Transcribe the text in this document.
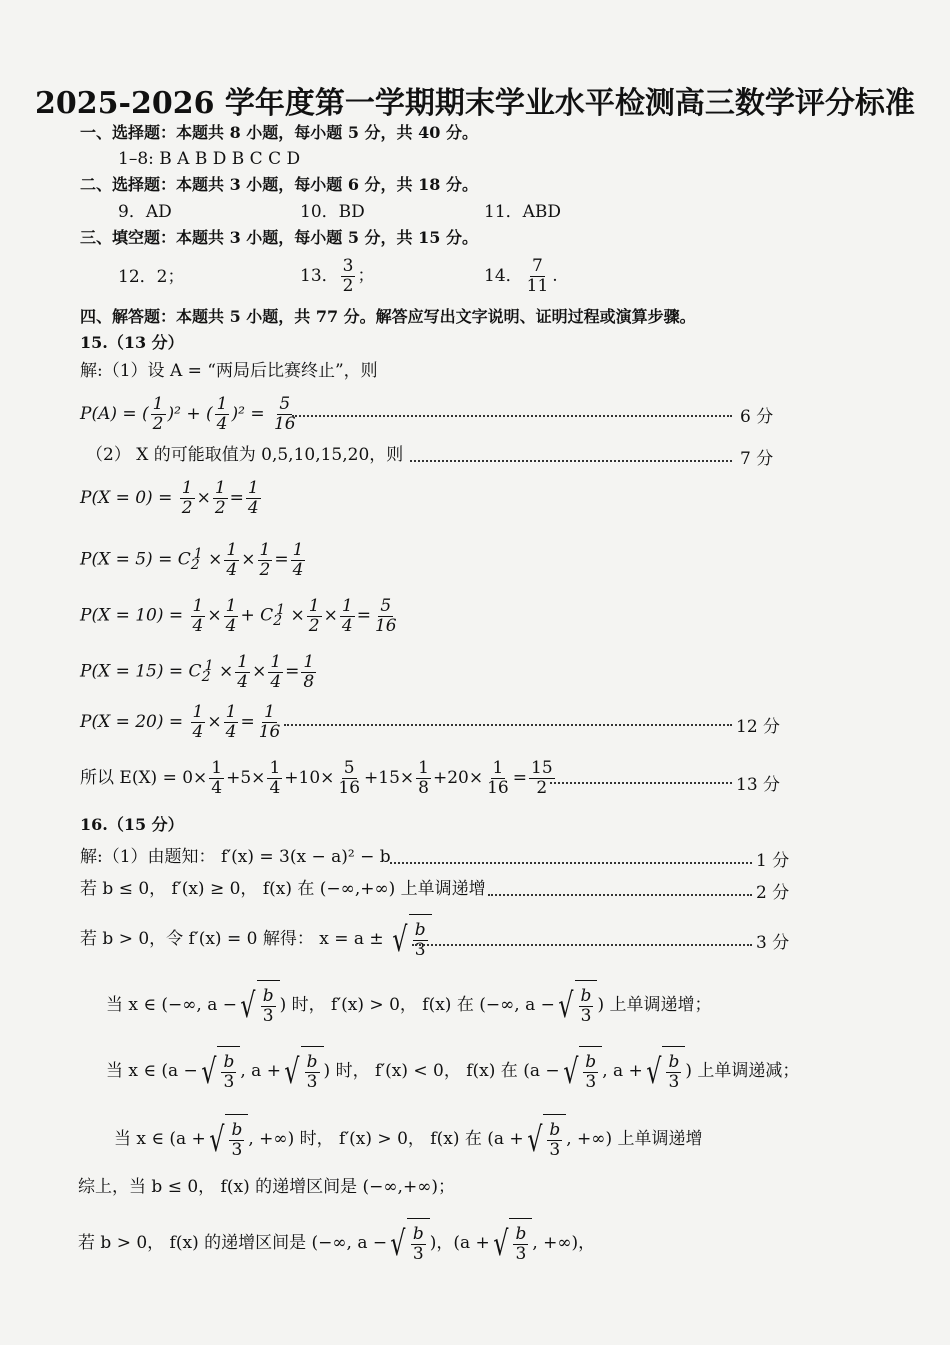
2025-2026 学年度第一学期期末学业水平检测高三数学评分标准
一、选择题：本题共 8 小题，每小题 5 分，共 40 分。
1–8: B A B D B C C D
二、选择题：本题共 3 小题，每小题 6 分，共 18 分。
9．AD	10．BD	11．ABD
三、填空题：本题共 3 小题，每小题 5 分，共 15 分。
12．2；	13． $\frac{3}{2}$ ；	14． $\frac{7}{11}$ .
四、解答题：本题共 5 小题，共 77 分。解答应写出文字说明、证明过程或演算步骤。
15.（13 分）
解:（1）设 A = “两局后比赛终止”，则
P(A) = ( $\frac{1}{2} )^2$ + ( $\frac{1}{4} )^2 = \frac{5}{16}$	6 分
（2） X 的可能取值为 0,5,10,15,20，则	7 分
$P(X = 0) = \frac{1}{2} \times \frac{1}{2} = \frac{1}{4}$
$P(X = 5) = C_2^1 \times \frac{1}{4} \times \frac{1}{2} = \frac{1}{4}$
$P(X = 10) = \frac{1}{4} \times \frac{1}{4} + C_2^1 \times \frac{1}{2} \times \frac{1}{4} = \frac{5}{16}$
$P(X = 15) = C_2^1 \times \frac{1}{4} \times \frac{1}{4} = \frac{1}{8}$
$P(X = 20) = \frac{1}{4} \times \frac{1}{4} = \frac{1}{16}$	12 分
所以 $E(X) = 0\times \frac{1}{4} +5\times \frac{1}{4} +10\times \frac{5}{16} +15\times \frac{1}{8} +20\times \frac{1}{16} = \frac{15}{2}$	13 分
16.（15 分）
解:（1）由题知： f′(x) = 3(x − a)² − b	1 分
若 b ≤ 0， f′(x) ≥ 0， f(x) 在 (−∞,+∞) 上单调递增	2 分
若 b > 0，令 f′(x) = 0 解得： x = a ± √ $\frac{b}{3}$	3 分
当 x ∈ (−∞, a − √ $\frac{b}{3}$ ) 时， f′(x) > 0， f(x) 在 (−∞, a − √ $\frac{b}{3}$ ) 上单调递增；
当 x ∈ (a − √ $\frac{b}{3}$ , a + √ $\frac{b}{3}$ ) 时， f′(x) < 0， f(x) 在 (a − √ $\frac{b}{3}$ , a + √ $\frac{b}{3}$ ) 上单调递减；
当 x ∈ (a + √ $\frac{b}{3}$ , +∞) 时， f′(x) > 0， f(x) 在 (a + √ $\frac{b}{3}$ , +∞) 上单调递增
综上，当 b ≤ 0， f(x) 的递增区间是 (−∞,+∞)；
若 b > 0， f(x) 的递增区间是 (−∞, a − √ $\frac{b}{3}$ )，(a + √ $\frac{b}{3}$ , +∞)，
